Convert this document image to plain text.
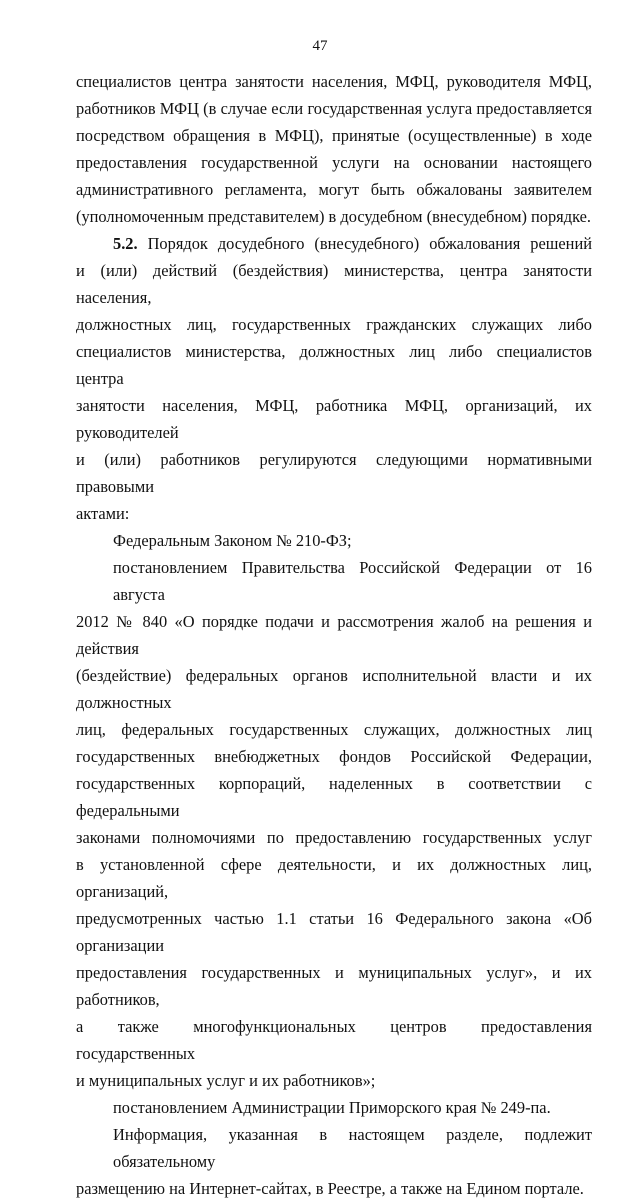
47

специалистов центра занятости населения, МФЦ, руководителя МФЦ,
работников МФЦ (в случае если государственная услуга предоставляется
посредством обращения в МФЦ), принятые (осуществленные) в ходе
предоставления государственной услуги на основании настоящего
административного регламента, могут быть обжалованы заявителем
(уполномоченным представителем) в досудебном (внесудебном) порядке.

5.2. Порядок досудебного (внесудебного) обжалования решений
и (или) действий (бездействия) министерства, центра занятости населения,
должностных лиц, государственных гражданских служащих либо
специалистов министерства, должностных лиц либо специалистов центра
занятости населения, МФЦ, работника МФЦ, организаций, их руководителей
и (или) работников регулируются следующими нормативными правовыми
актами:

Федеральным Законом № 210-ФЗ;

постановлением Правительства Российской Федерации от 16 августа
2012 № 840 «О порядке подачи и рассмотрения жалоб на решения и действия
(бездействие) федеральных органов исполнительной власти и их должностных
лиц, федеральных государственных служащих, должностных лиц
государственных внебюджетных фондов Российской Федерации,
государственных корпораций, наделенных в соответствии с федеральными
законами полномочиями по предоставлению государственных услуг
в установленной сфере деятельности, и их должностных лиц, организаций,
предусмотренных частью 1.1 статьи 16 Федерального закона «Об организации
предоставления государственных и муниципальных услуг», и их работников,
а также многофункциональных центров предоставления государственных
и муниципальных услуг и их работников»;

постановлением Администрации Приморского края № 249-па.

Информация, указанная в настоящем разделе, подлежит обязательному
размещению на Интернет-сайтах, в Реестре, а также на Едином портале.
